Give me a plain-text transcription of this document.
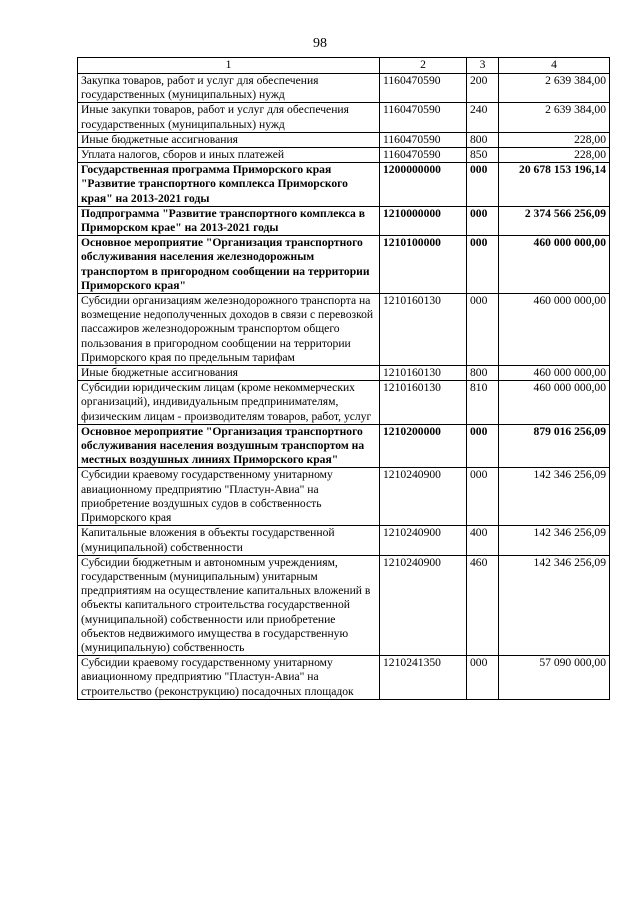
98
1	2	3	4
Закупка товаров, работ и услуг для обеспечения государственных (муниципальных) нужд	1160470590	200	2 639 384,00
Иные закупки товаров, работ и услуг для обеспечения государственных (муниципальных) нужд	1160470590	240	2 639 384,00
Иные бюджетные ассигнования	1160470590	800	228,00
Уплата налогов, сборов и иных платежей	1160470590	850	228,00
Государственная программа Приморского края "Развитие транспортного комплекса Приморского края" на 2013-2021 годы	1200000000	000	20 678 153 196,14
Подпрограмма "Развитие транспортного комплекса в Приморском крае" на 2013-2021 годы	1210000000	000	2 374 566 256,09
Основное мероприятие "Организация транспортного обслуживания населения железнодорожным транспортом в пригородном сообщении на территории Приморского края"	1210100000	000	460 000 000,00
Субсидии организациям железнодорожного транспорта на возмещение недополученных доходов в связи с перевозкой пассажиров железнодорожным транспортом общего пользования в пригородном сообщении на территории Приморского края по предельным тарифам	1210160130	000	460 000 000,00
Иные бюджетные ассигнования	1210160130	800	460 000 000,00
Субсидии юридическим лицам (кроме некоммерческих организаций), индивидуальным предпринимателям, физическим лицам - производителям товаров, работ, услуг	1210160130	810	460 000 000,00
Основное мероприятие "Организация транспортного обслуживания населения воздушным транспортом на местных воздушных линиях Приморского края"	1210200000	000	879 016 256,09
Субсидии краевому государственному унитарному авиационному предприятию "Пластун-Авиа" на приобретение воздушных судов в собственность Приморского края	1210240900	000	142 346 256,09
Капитальные вложения в объекты государственной (муниципальной) собственности	1210240900	400	142 346 256,09
Субсидии бюджетным и автономным учреждениям, государственным (муниципальным) унитарным предприятиям на осуществление капитальных вложений в объекты капитального строительства государственной (муниципальной) собственности или приобретение объектов недвижимого имущества в государственную (муниципальную) собственность	1210240900	460	142 346 256,09
Субсидии краевому государственному унитарному авиационному предприятию "Пластун-Авиа" на строительство (реконструкцию) посадочных площадок	1210241350	000	57 090 000,00
